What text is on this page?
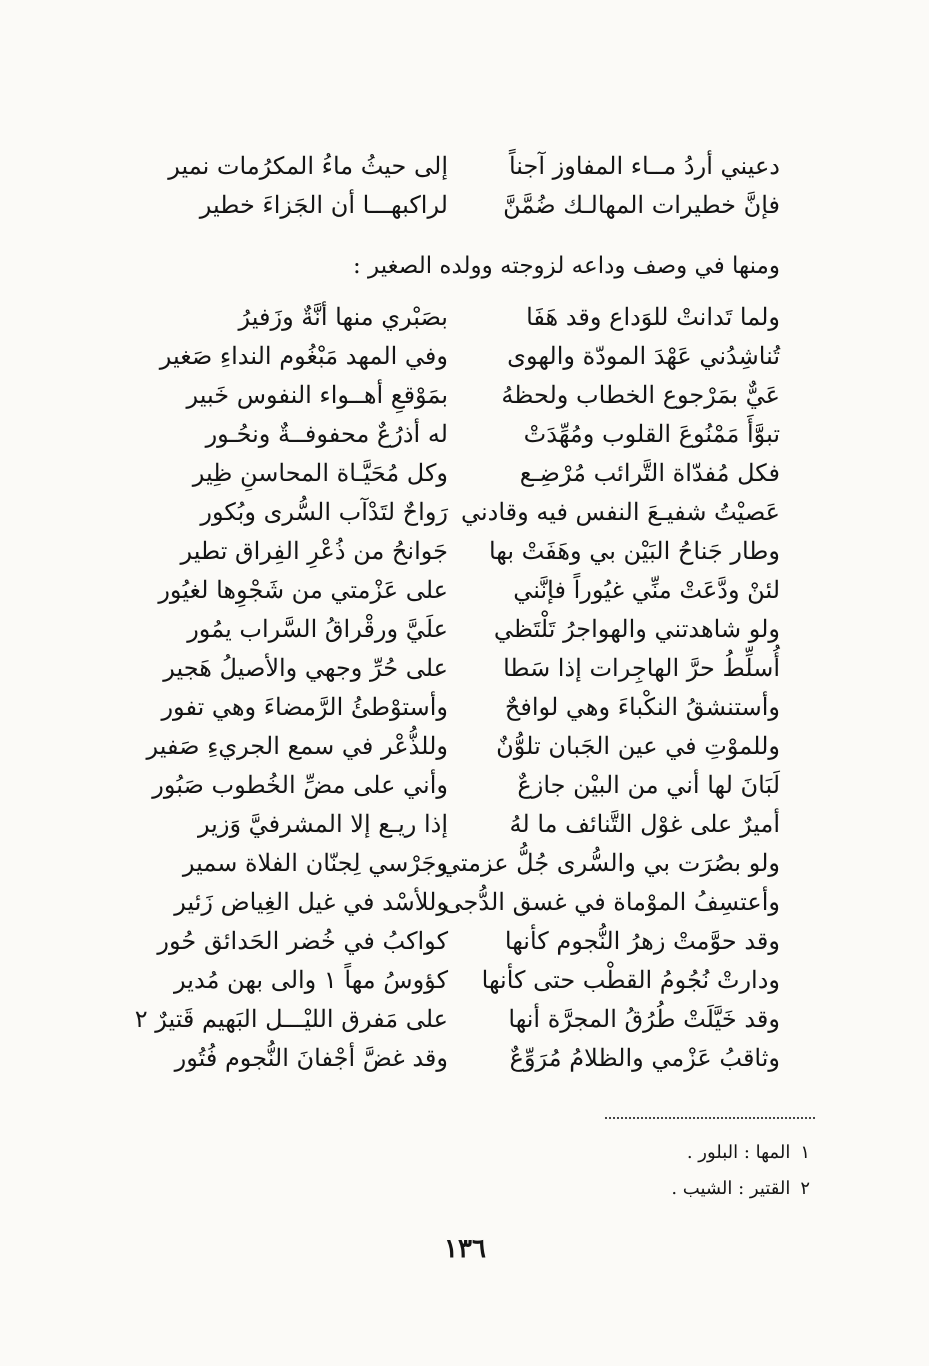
دعيني أردُ مــاء المفاوز آجناً
إلى حيثُ ماءُ المكرُمات نمير
فإنَّ خطيرات المهالـك ضُمَّنَّ
لراكبهـــا أن الجَزاءَ خطير
ومنها في وصف وداعه لزوجته وولده الصغير :
ولما تَدانتْ للوَداع وقد هَفَا
بصَبْري منها أنَّةٌ وزَفيرُ
تُناشِدُني عَهْدَ المودّة والهوى
وفي المهد مَبْغُوم النداءِ صَغير
عَيٌّ بمَرْجوع الخطاب ولحظهُ
بمَوْقعِ أهــواء النفوس خَبير
تبوَّأَ مَمْنُوعَ القلوب ومُهِّدَتْ
له أذرُعٌ محفوفــةٌ ونحُـور
فكل مُفدّاة التَّرائب مُرْضِـع
وكل مُحَيَّـاة المحاسنِ ظِير
عَصيْتُ شفيـعَ النفس فيه وقادني
رَواحٌ لتَدْآب السُّرى وبُكور
وطار جَناحُ البَيْن بي وهَفَتْ بها
جَوانحُ من ذُعْرِ الفِراق تطير
لئنْ ودَّعَتْ منِّي غيُوراً فإنَّني
على عَزْمتي من شَجْوِها لغيُور
ولو شاهدتني والهواجرُ تَلْتَظي
علَيَّ ورقْراقُ السَّراب يمُور
أُسلِّطُ حرَّ الهاجِرات إذا سَطا
على حُرِّ وجهي والأصيلُ هَجير
وأستنشقُ النكْباءَ وهي لوافحٌ
وأستوْطئُ الرَّمضاءَ وهي تفور
وللموْتِ في عين الجَبان تلوُّنٌ
وللذُّعْر في سمع الجريءِ صَفير
لَبَانَ لها أني من البيْن جازعٌ
وأني على مضِّ الخُطوب صَبُور
أميرٌ على غوْل التَّنائف ما لهُ
إذا ريـع إلا المشرفيَّ وَزير
ولو بصُرَت بي والسُّرى جُلُّ عزمتي
وجَرْسي لِجنّان الفلاة سمير
وأعتسِفُ الموْماة في غسق الدُّجى
وللأسْد في غيل الغِياض زَئير
وقد حوَّمتْ زهرُ النُّجوم كأنها
كواكبُ في خُضر الحَدائق حُور
ودارتْ نُجُومُ القطْب حتى كأنها
كؤوسُ مهاً ١ والى بهن مُدير
وقد خَيَّلَتْ طُرُقُ المجرَّة أنها
على مَفرق الليْـــل البَهيم قَتيرٌ ٢
وثاقبُ عَزْمي والظلامُ مُرَوِّعٌ
وقد غضَّ أجْفانَ النُّجوم فُتُور
١المها : البلور .
٢القتير : الشيب .
١٣٦
